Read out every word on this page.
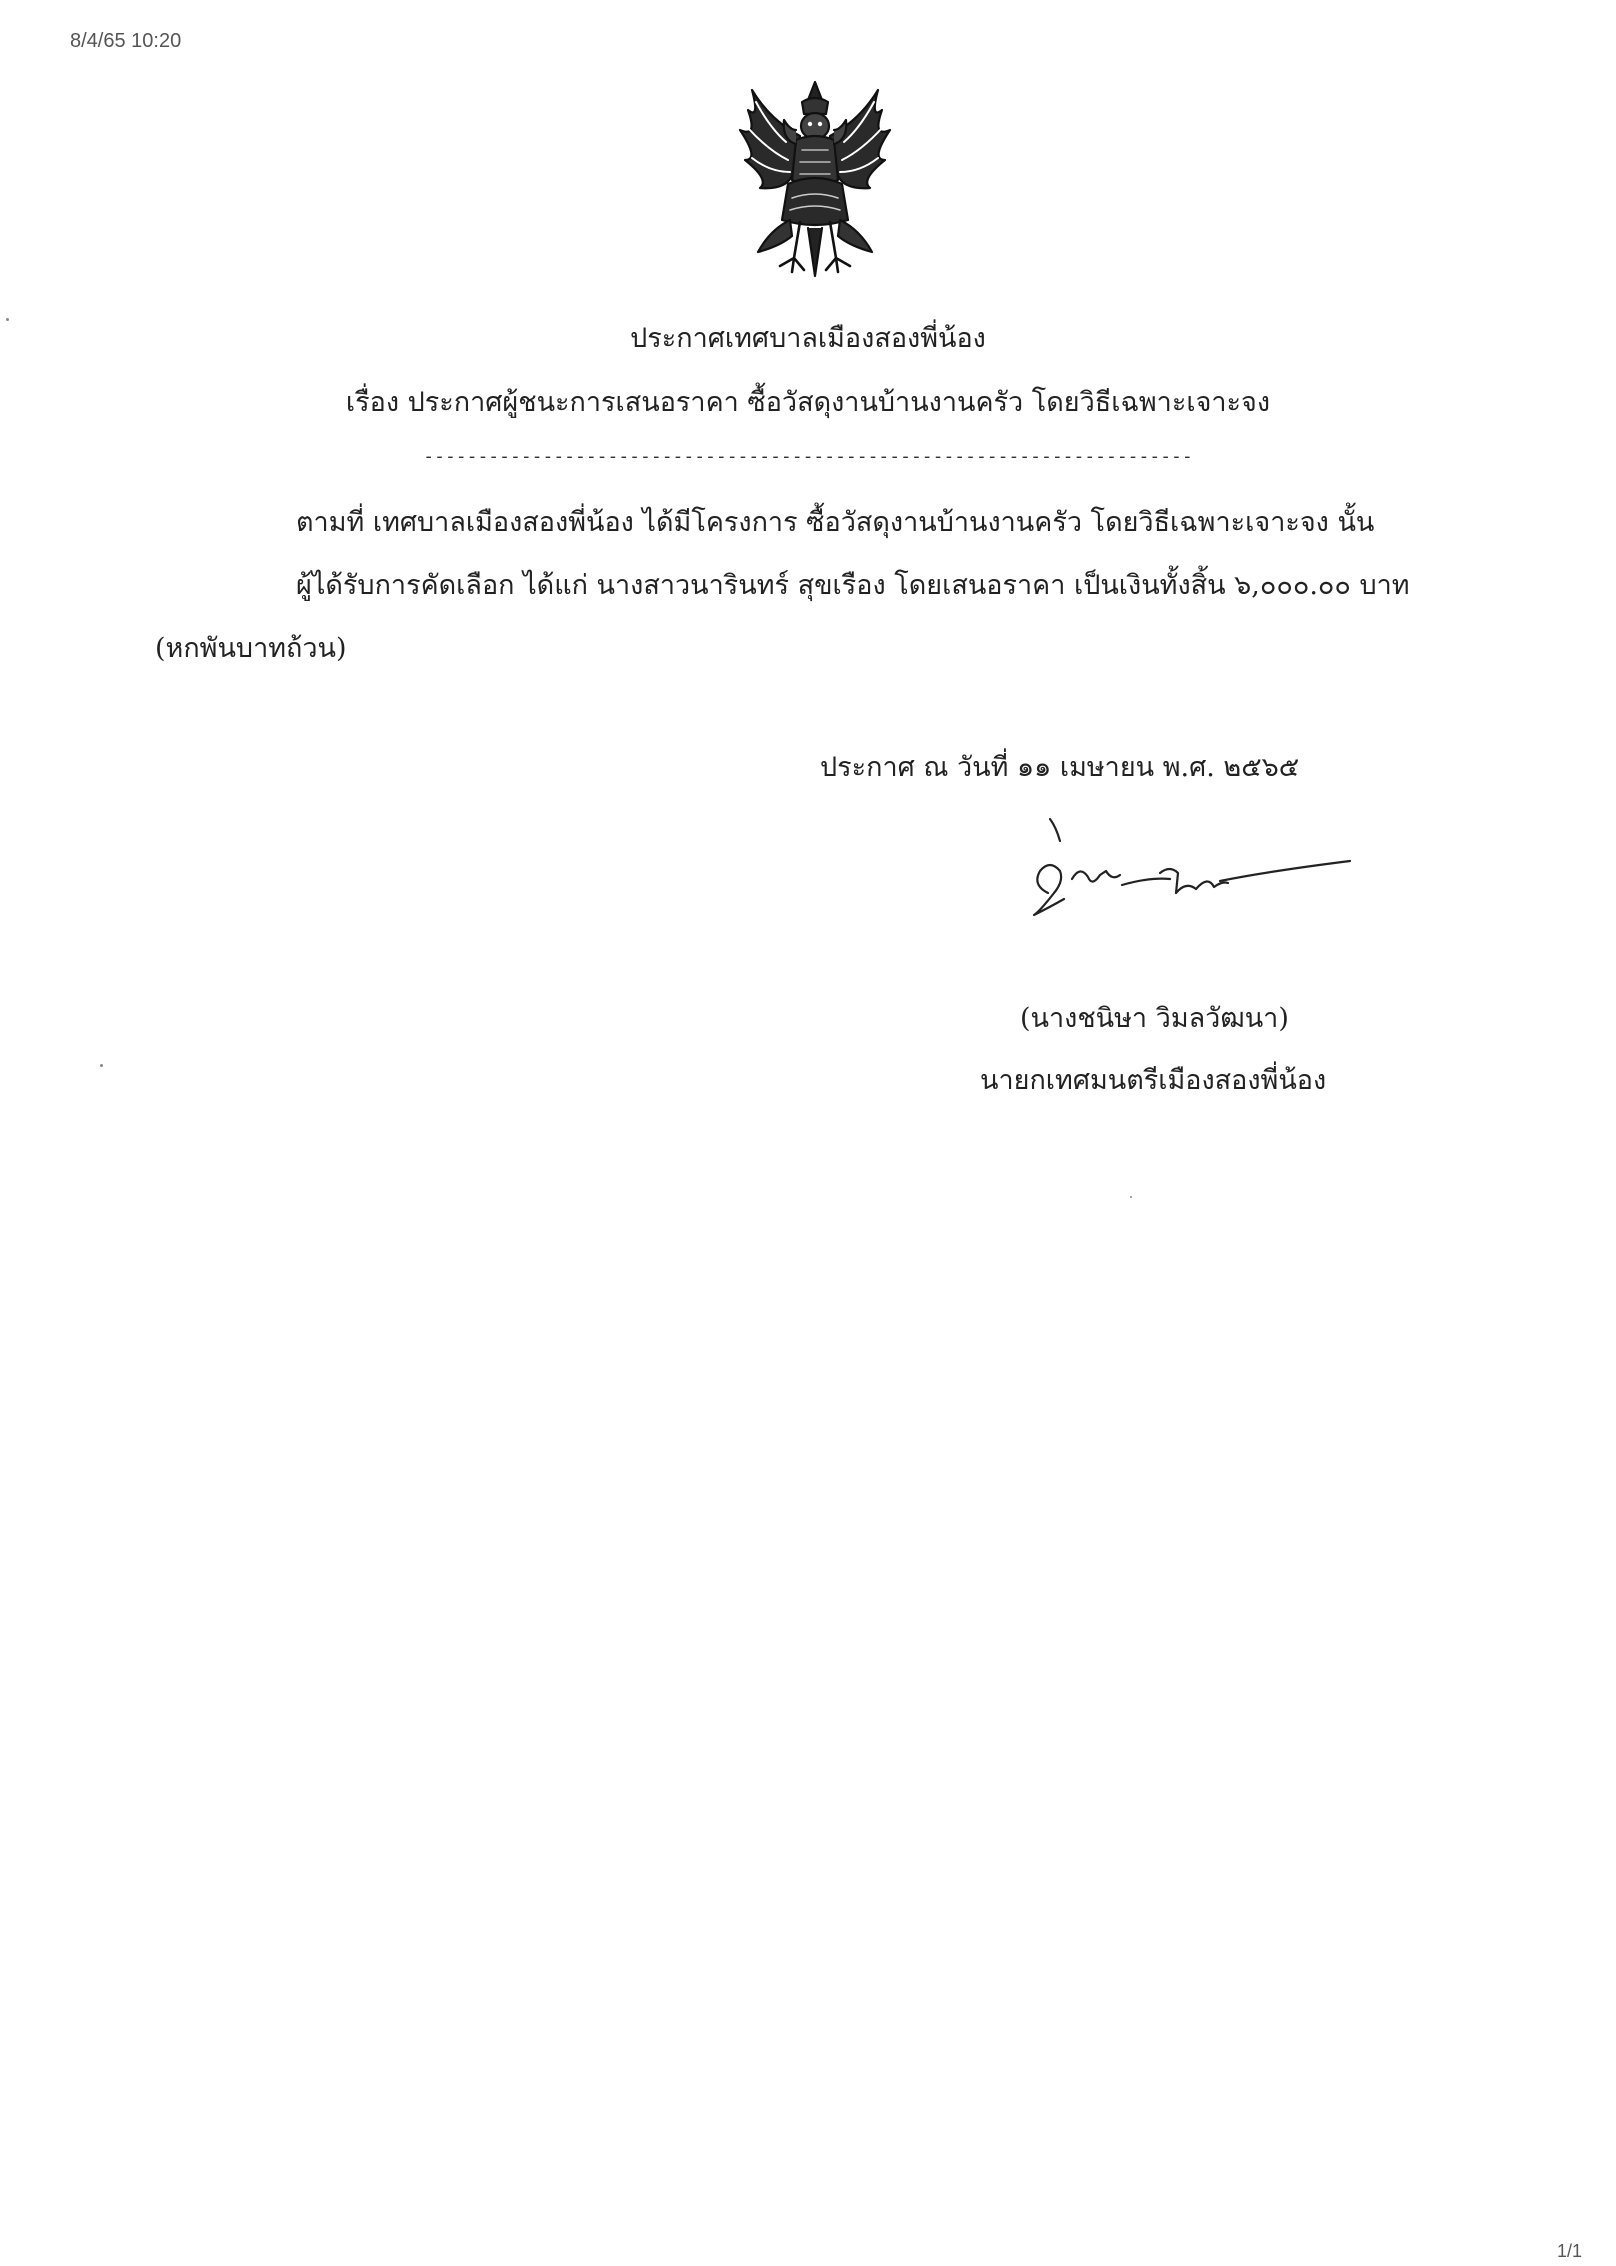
8/4/65 10:20
ประกาศเทศบาลเมืองสองพี่น้อง
เรื่อง ประกาศผู้ชนะการเสนอราคา ซื้อวัสดุงานบ้านงานครัว โดยวิธีเฉพาะเจาะจง
-----------------------------------------------------------------------
ตามที่ เทศบาลเมืองสองพี่น้อง ได้มีโครงการ ซื้อวัสดุงานบ้านงานครัว โดยวิธีเฉพาะเจาะจง นั้น
ผู้ได้รับการคัดเลือก ได้แก่ นางสาวนารินทร์ สุขเรือง โดยเสนอราคา เป็นเงินทั้งสิ้น ๖,๐๐๐.๐๐ บาท
(หกพันบาทถ้วน)
ประกาศ ณ วันที่ ๑๑ เมษายน พ.ศ. ๒๕๖๕
(นางชนิษา วิมลวัฒนา)
นายกเทศมนตรีเมืองสองพี่น้อง
1/1
